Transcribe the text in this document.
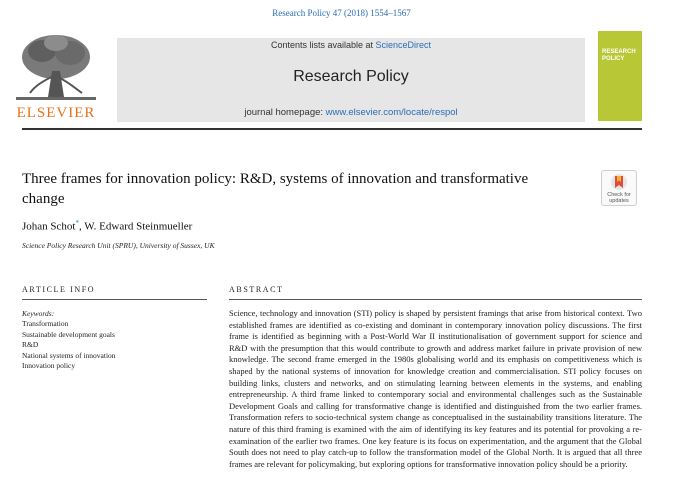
Research Policy 47 (2018) 1554–1567
ELSEVIER
Contents lists available at ScienceDirect
Research Policy
journal homepage: www.elsevier.com/locate/respol
RESEARCH
POLICY
Three frames for innovation policy: R&D, systems of innovation and transformative change	Check for updates
Johan Schot*, W. Edward Steinmueller
Science Policy Research Unit (SPRU), University of Sussex, UK
ARTICLE INFO	ABSTRACT
Keywords:
Transformation
Sustainable development goals
R&D
National systems of innovation
Innovation policy

Science, technology and innovation (STI) policy is shaped by persistent framings that arise from historical context. Two established frames are identified as co-existing and dominant in contemporary innovation policy discussions. The first frame is identified as beginning with a Post-World War II institutionalisation of government support for science and R&D with the presumption that this would contribute to growth and address market failure in private provision of new knowledge. The second frame emerged in the 1980s globalising world and its emphasis on competitiveness which is shaped by the national systems of innovation for knowledge creation and commercialisation. STI policy focuses on building links, clusters and networks, and on stimulating learning between elements in the systems, and enabling entrepreneurship. A third frame linked to contemporary social and environmental challenges such as the Sustainable Development Goals and calling for transformative change is identified and distinguished from the two earlier frames. Transformation refers to socio-technical system change as conceptualised in the sustainability transitions literature. The nature of this third framing is examined with the aim of identifying its key features and its potential for provoking a re-examination of the earlier two frames. One key feature is its focus on experimentation, and the argument that the Global South does not need to play catch-up to follow the transformation model of the Global North. It is argued that all three frames are relevant for policymaking, but exploring options for transformative innovation policy should be a priority.
